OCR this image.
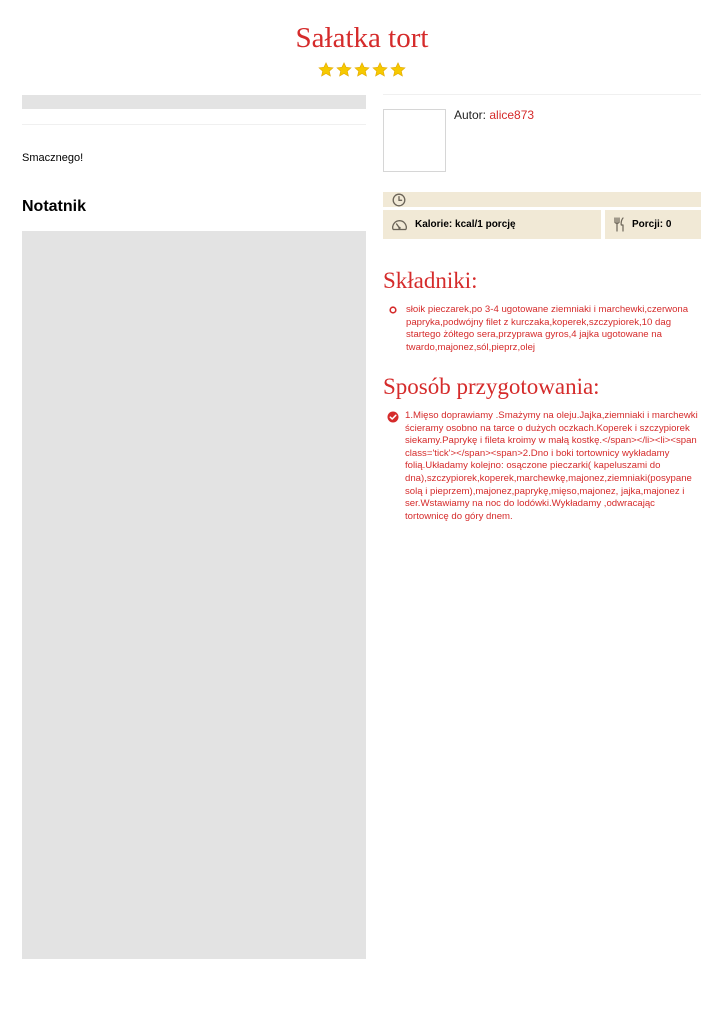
Sałatka tort
Smacznego!
Notatnik
Autor: alice873
Kalorie: kcal/1 porcję	Porcji: 0
Składniki:
słoik pieczarek,po 3-4 ugotowane ziemniaki i marchewki,czerwona papryka,podwójny filet z kurczaka,koperek,szczypiorek,10 dag startego żółtego sera,przyprawa gyros,4 jajka ugotowane na twardo,majonez,sól,pieprz,olej
Sposób przygotowania:
1.Mięso doprawiamy .Smażymy na oleju.Jajka,ziemniaki i marchewki ścieramy osobno na tarce o dużych oczkach.Koperek i szczypiorek siekamy.Paprykę i fileta kroimy w małą kostkę.</span></li><li><span class='tick'></span><span>2.Dno i boki tortownicy wykładamy folią.Układamy kolejno: osączone pieczarki( kapeluszami do dna),szczypiorek,koperek,marchewkę,majonez,ziemniaki(posypane solą i pieprzem),majonez,paprykę,mięso,majonez, jajka,majonez i ser.Wstawiamy na noc do lodówki.Wykładamy ,odwracając tortownicę do góry dnem.
